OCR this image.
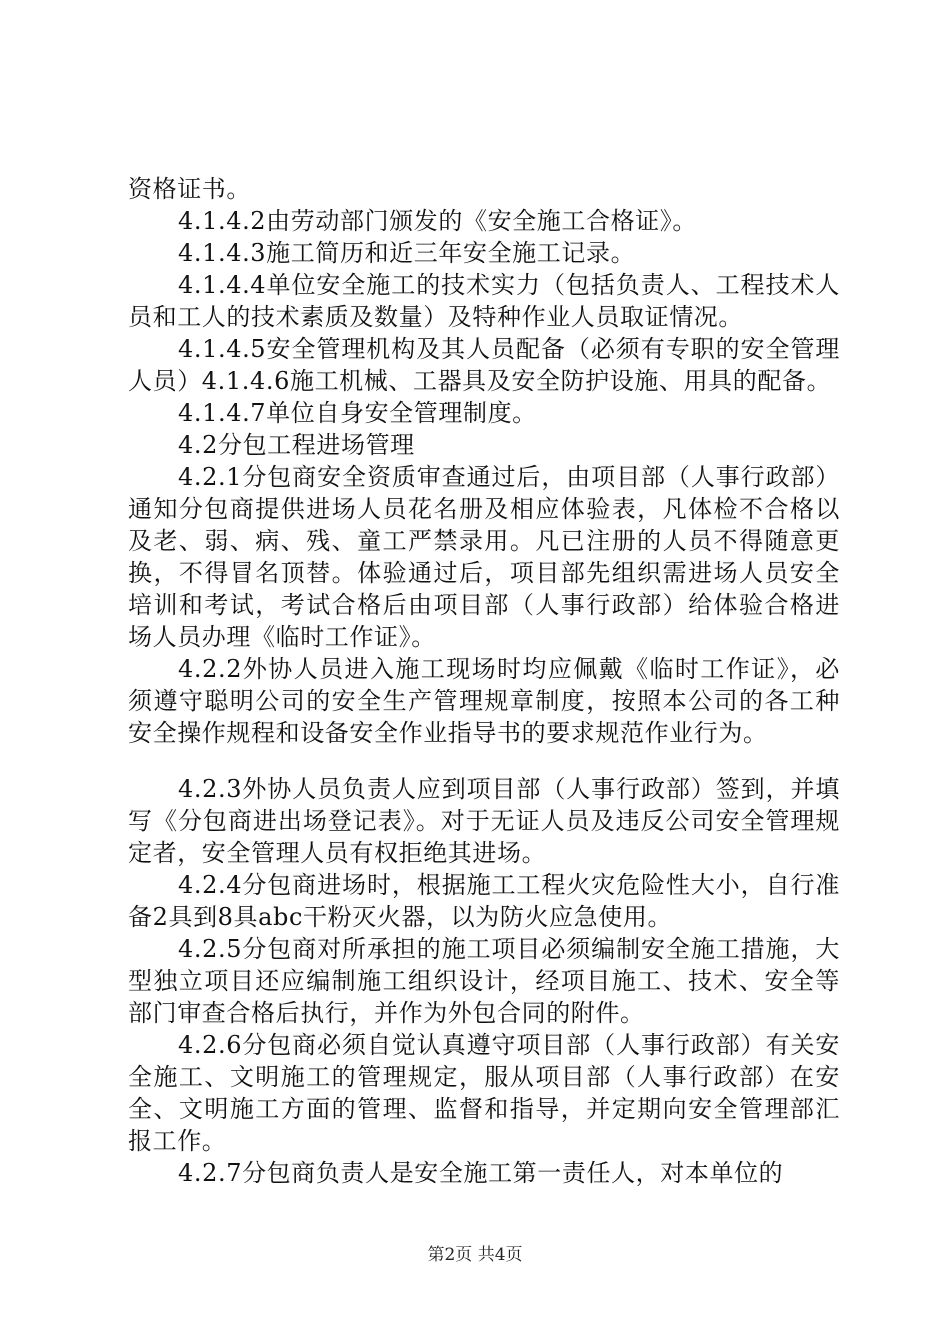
资格证书。

4.1.4.2由劳动部门颁发的《安全施工合格证》。

4.1.4.3施工简历和近三年安全施工记录。

4.1.4.4单位安全施工的技术实力（包括负责人、工程技术人员和工人的技术素质及数量）及特种作业人员取证情况。

4.1.4.5安全管理机构及其人员配备（必须有专职的安全管理人员）4.1.4.6施工机械、工器具及安全防护设施、用具的配备。

4.1.4.7单位自身安全管理制度。

4.2分包工程进场管理

4.2.1分包商安全资质审查通过后，由项目部（人事行政部）通知分包商提供进场人员花名册及相应体验表，凡体检不合格以及老、弱、病、残、童工严禁录用。凡已注册的人员不得随意更换，不得冒名顶替。体验通过后，项目部先组织需进场人员安全培训和考试，考试合格后由项目部（人事行政部）给体验合格进场人员办理《临时工作证》。

4.2.2外协人员进入施工现场时均应佩戴《临时工作证》，必须遵守聪明公司的安全生产管理规章制度，按照本公司的各工种安全操作规程和设备安全作业指导书的要求规范作业行为。

4.2.3外协人员负责人应到项目部（人事行政部）签到，并填写《分包商进出场登记表》。对于无证人员及违反公司安全管理规定者，安全管理人员有权拒绝其进场。

4.2.4分包商进场时，根据施工工程火灾危险性大小，自行准备2具到8具abc干粉灭火器，以为防火应急使用。

4.2.5分包商对所承担的施工项目必须编制安全施工措施，大型独立项目还应编制施工组织设计，经项目施工、技术、安全等部门审查合格后执行，并作为外包合同的附件。

4.2.6分包商必须自觉认真遵守项目部（人事行政部）有关安全施工、文明施工的管理规定，服从项目部（人事行政部）在安全、文明施工方面的管理、监督和指导，并定期向安全管理部汇报工作。

4.2.7分包商负责人是安全施工第一责任人，对本单位的

第2页 共4页
